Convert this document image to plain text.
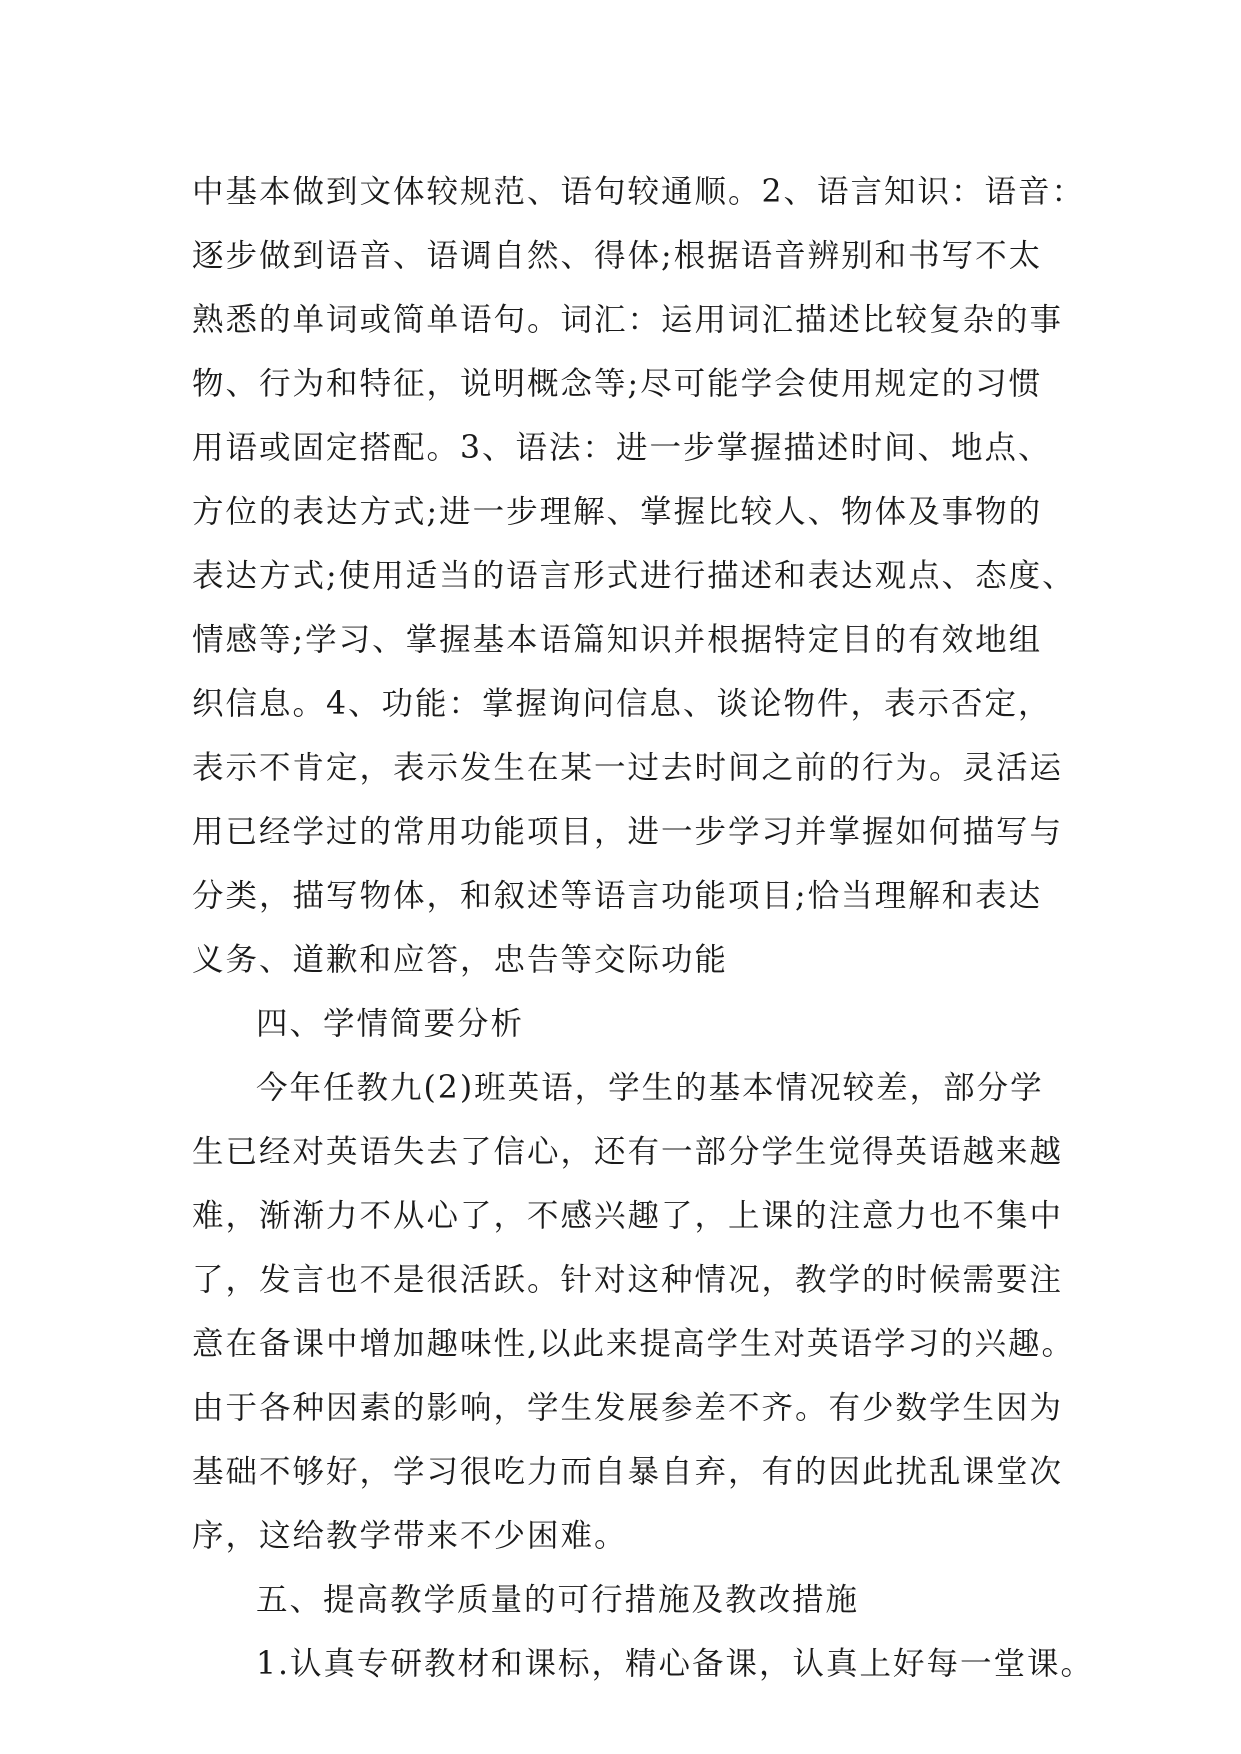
中基本做到文体较规范、语句较通顺。2、语言知识：语音：
逐步做到语音、语调自然、得体;根据语音辨别和书写不太
熟悉的单词或简单语句。词汇：运用词汇描述比较复杂的事
物、行为和特征，说明概念等;尽可能学会使用规定的习惯
用语或固定搭配。3、语法：进一步掌握描述时间、地点、
方位的表达方式;进一步理解、掌握比较人、物体及事物的
表达方式;使用适当的语言形式进行描述和表达观点、态度、
情感等;学习、掌握基本语篇知识并根据特定目的有效地组
织信息。4、功能：掌握询问信息、谈论物件，表示否定，
表示不肯定，表示发生在某一过去时间之前的行为。灵活运
用已经学过的常用功能项目，进一步学习并掌握如何描写与
分类，描写物体，和叙述等语言功能项目;恰当理解和表达
义务、道歉和应答，忠告等交际功能
四、学情简要分析
今年任教九(2)班英语，学生的基本情况较差，部分学
生已经对英语失去了信心，还有一部分学生觉得英语越来越
难，渐渐力不从心了，不感兴趣了，上课的注意力也不集中
了，发言也不是很活跃。针对这种情况，教学的时候需要注
意在备课中增加趣味性,以此来提高学生对英语学习的兴趣。
由于各种因素的影响，学生发展参差不齐。有少数学生因为
基础不够好，学习很吃力而自暴自弃，有的因此扰乱课堂次
序，这给教学带来不少困难。
五、提高教学质量的可行措施及教改措施
1.认真专研教材和课标，精心备课，认真上好每一堂课。
